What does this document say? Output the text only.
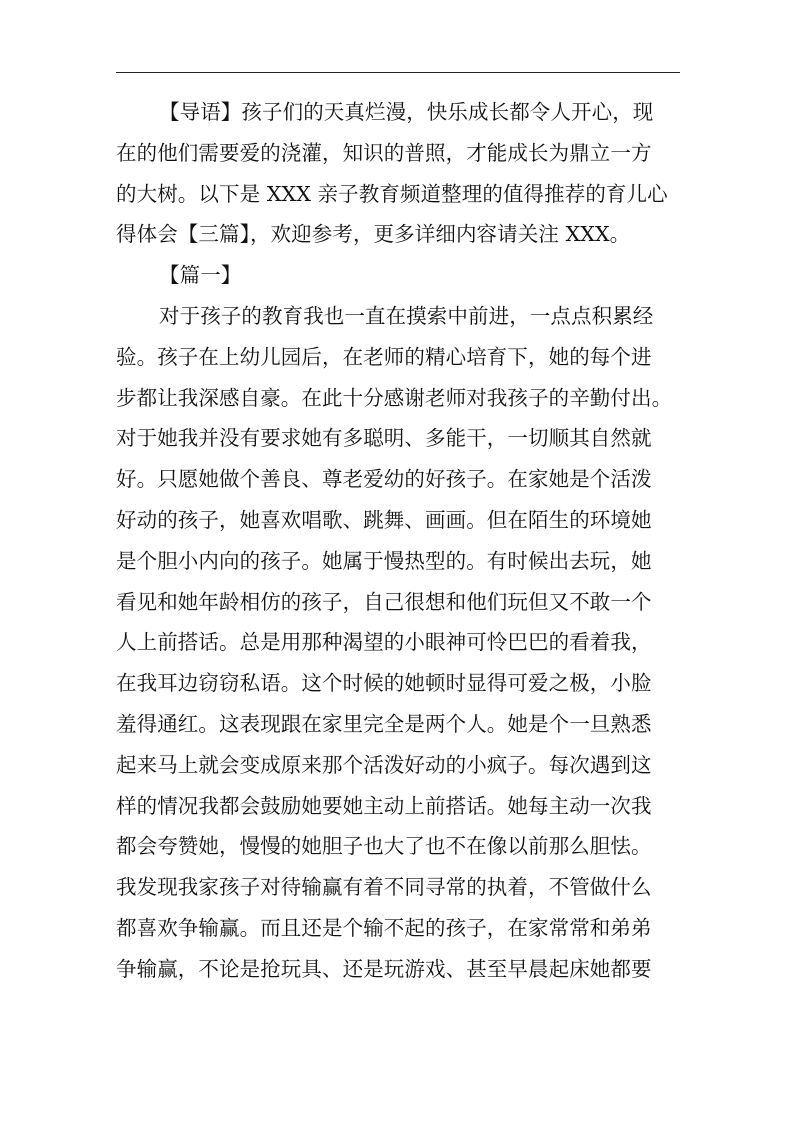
【导语】孩子们的天真烂漫，快乐成长都令人开心，现
在的他们需要爱的浇灌，知识的普照，才能成长为鼎立一方
的大树。以下是 XXX 亲子教育频道整理的值得推荐的育儿心
得体会【三篇】，欢迎参考，更多详细内容请关注 XXX。
【篇一】
对于孩子的教育我也一直在摸索中前进，一点点积累经
验。孩子在上幼儿园后，在老师的精心培育下，她的每个进
步都让我深感自豪。在此十分感谢老师对我孩子的辛勤付出。
对于她我并没有要求她有多聪明、多能干，一切顺其自然就
好。只愿她做个善良、尊老爱幼的好孩子。在家她是个活泼
好动的孩子，她喜欢唱歌、跳舞、画画。但在陌生的环境她
是个胆小内向的孩子。她属于慢热型的。有时候出去玩，她
看见和她年龄相仿的孩子，自己很想和他们玩但又不敢一个
人上前搭话。总是用那种渴望的小眼神可怜巴巴的看着我，
在我耳边窃窃私语。这个时候的她顿时显得可爱之极，小脸
羞得通红。这表现跟在家里完全是两个人。她是个一旦熟悉
起来马上就会变成原来那个活泼好动的小疯子。每次遇到这
样的情况我都会鼓励她要她主动上前搭话。她每主动一次我
都会夸赞她，慢慢的她胆子也大了也不在像以前那么胆怯。
我发现我家孩子对待输赢有着不同寻常的执着，不管做什么
都喜欢争输赢。而且还是个输不起的孩子，在家常常和弟弟
争输赢，不论是抢玩具、还是玩游戏、甚至早晨起床她都要
